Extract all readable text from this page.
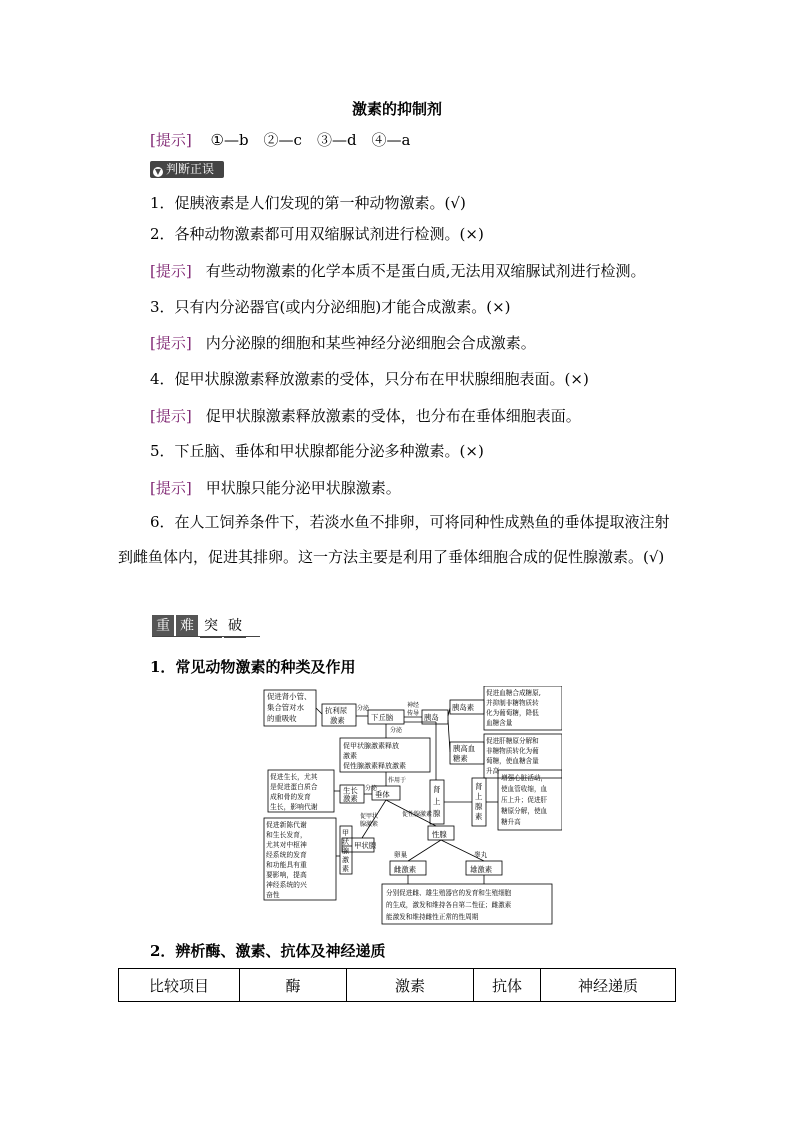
激素的抑制剂
[提示] ①—b　②—c　③—d　④—a
▼ 判断正误
1．促胰液素是人们发现的第一种动物激素。(√)
2．各种动物激素都可用双缩脲试剂进行检测。(×)
[提示] 有些动物激素的化学本质不是蛋白质,无法用双缩脲试剂进行检测。
3．只有内分泌器官(或内分泌细胞)才能合成激素。(×)
[提示] 内分泌腺的细胞和某些神经分泌细胞会合成激素。
4．促甲状腺激素释放激素的受体，只分布在甲状腺细胞表面。(×)
[提示] 促甲状腺激素释放激素的受体，也分布在垂体细胞表面。
5．下丘脑、垂体和甲状腺都能分泌多种激素。(×)
[提示] 甲状腺只能分泌甲状腺激素。
6．在人工饲养条件下，若淡水鱼不排卵，可将同种性成熟鱼的垂体提取液注射到雌鱼体内，促进其排卵。这一方法主要是利用了垂体细胞合成的促性腺激素。(√)
重 难 突 破
1．常见动物激素的种类及作用
促进肾小管、
集合管对水
的重吸收
抗利尿
激素
分泌
下丘脑
神经
传导
分泌
胰岛
胰岛素
促进血糖合成糖原,
并抑制非糖物质转
化为葡萄糖，降低
血糖含量
胰高血
糖素
促进肝糖原分解和
非糖物质转化为葡
萄糖，使血糖含量
升高
促甲状腺激素释放
激素
促性腺激素释放激素
作用于
促进生长，尤其
是促进蛋白质合
成和骨的发育
生长，影响代谢
生长
激素
分泌
垂体
肾
上
腺
肾
上
腺
素
增强心脏活动，
使血管收缩，血
压上升；促进肝
糖原分解，使血
糖升高
促甲状
腺激素
促性腺激素
促进新陈代谢
和生长发育，
尤其对中枢神
经系统的发育
和功能具有重
要影响，提高
神经系统的兴
奋性
甲
状
腺
激
素
甲状腺
性腺
卵巢	睾丸
雌激素	雄激素
分别促进雌、雄生殖器官的发育和生殖细胞
的生成，激发和维持各自第二性征；雌激素
能激发和维持雌性正常的性周期
2．辨析酶、激素、抗体及神经递质
比较项目	酶	激素	抗体	神经递质
